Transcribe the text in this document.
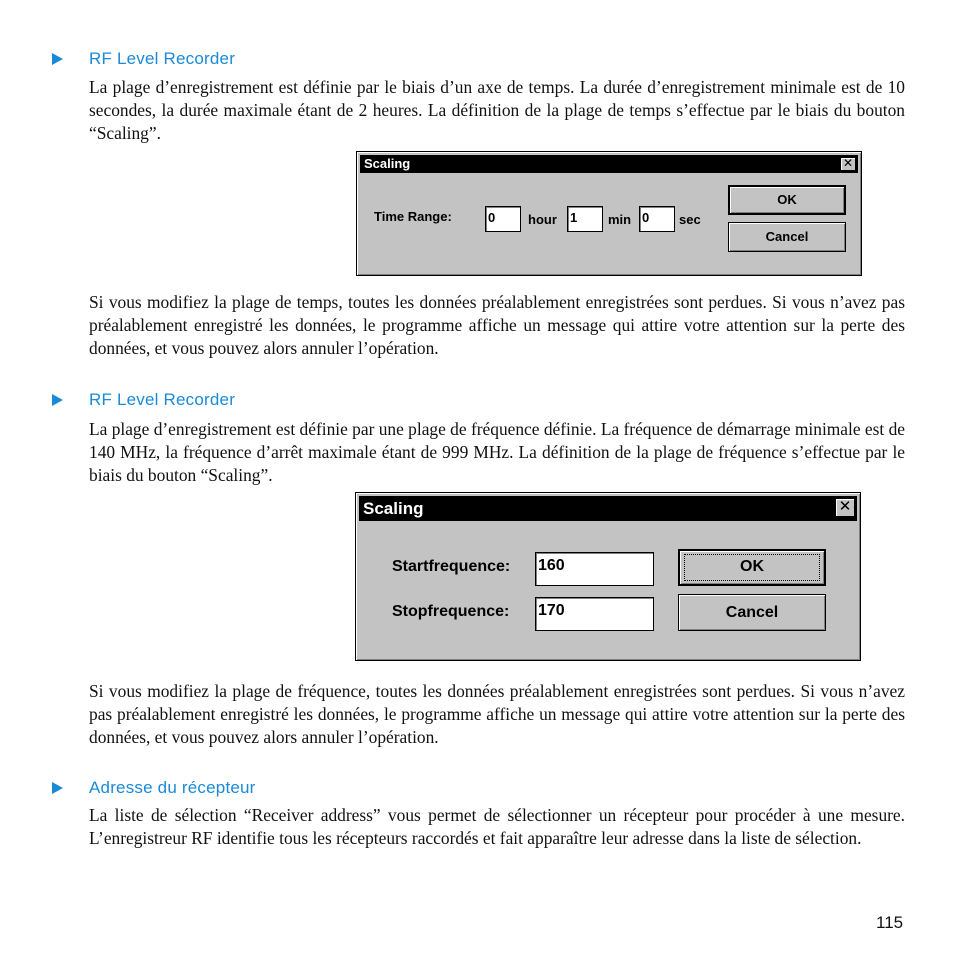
RF Level Recorder

La plage d’enregistrement est définie par le biais d’un axe de temps. La durée d’enregistrement minimale est de 10 secondes, la durée maximale étant de 2 heures. La définition de la plage de temps s’effectue par le biais du bouton “Scaling”.

Scaling	✕
Time Range:	0	hour 1	min 0	sec
OK
Cancel

Si vous modifiez la plage de temps, toutes les données préalablement enregistrées sont perdues. Si vous n’avez pas préalablement enregistré les données, le programme affiche un message qui attire votre attention sur la perte des données, et vous pouvez alors annuler l’opération.

RF Level Recorder

La plage d’enregistrement est définie par une plage de fréquence définie. La fréquence de démarrage minimale est de 140 MHz, la fréquence d’arrêt maximale étant de 999 MHz. La définition de la plage de fréquence s’effectue par le biais du bouton “Scaling”.

Scaling	✕
Startfrequence: 160
Stopfrequence: 170
OK
Cancel

Si vous modifiez la plage de fréquence, toutes les données préalablement enregistrées sont perdues. Si vous n’avez pas préalablement enregistré les données, le programme affiche un message qui attire votre attention sur la perte des données, et vous pouvez alors annuler l’opération.

Adresse du récepteur

La liste de sélection “Receiver address” vous permet de sélectionner un récepteur pour procéder à une mesure. L’enregistreur RF identifie tous les récepteurs raccordés et fait apparaître leur adresse dans la liste de sélection.

115
